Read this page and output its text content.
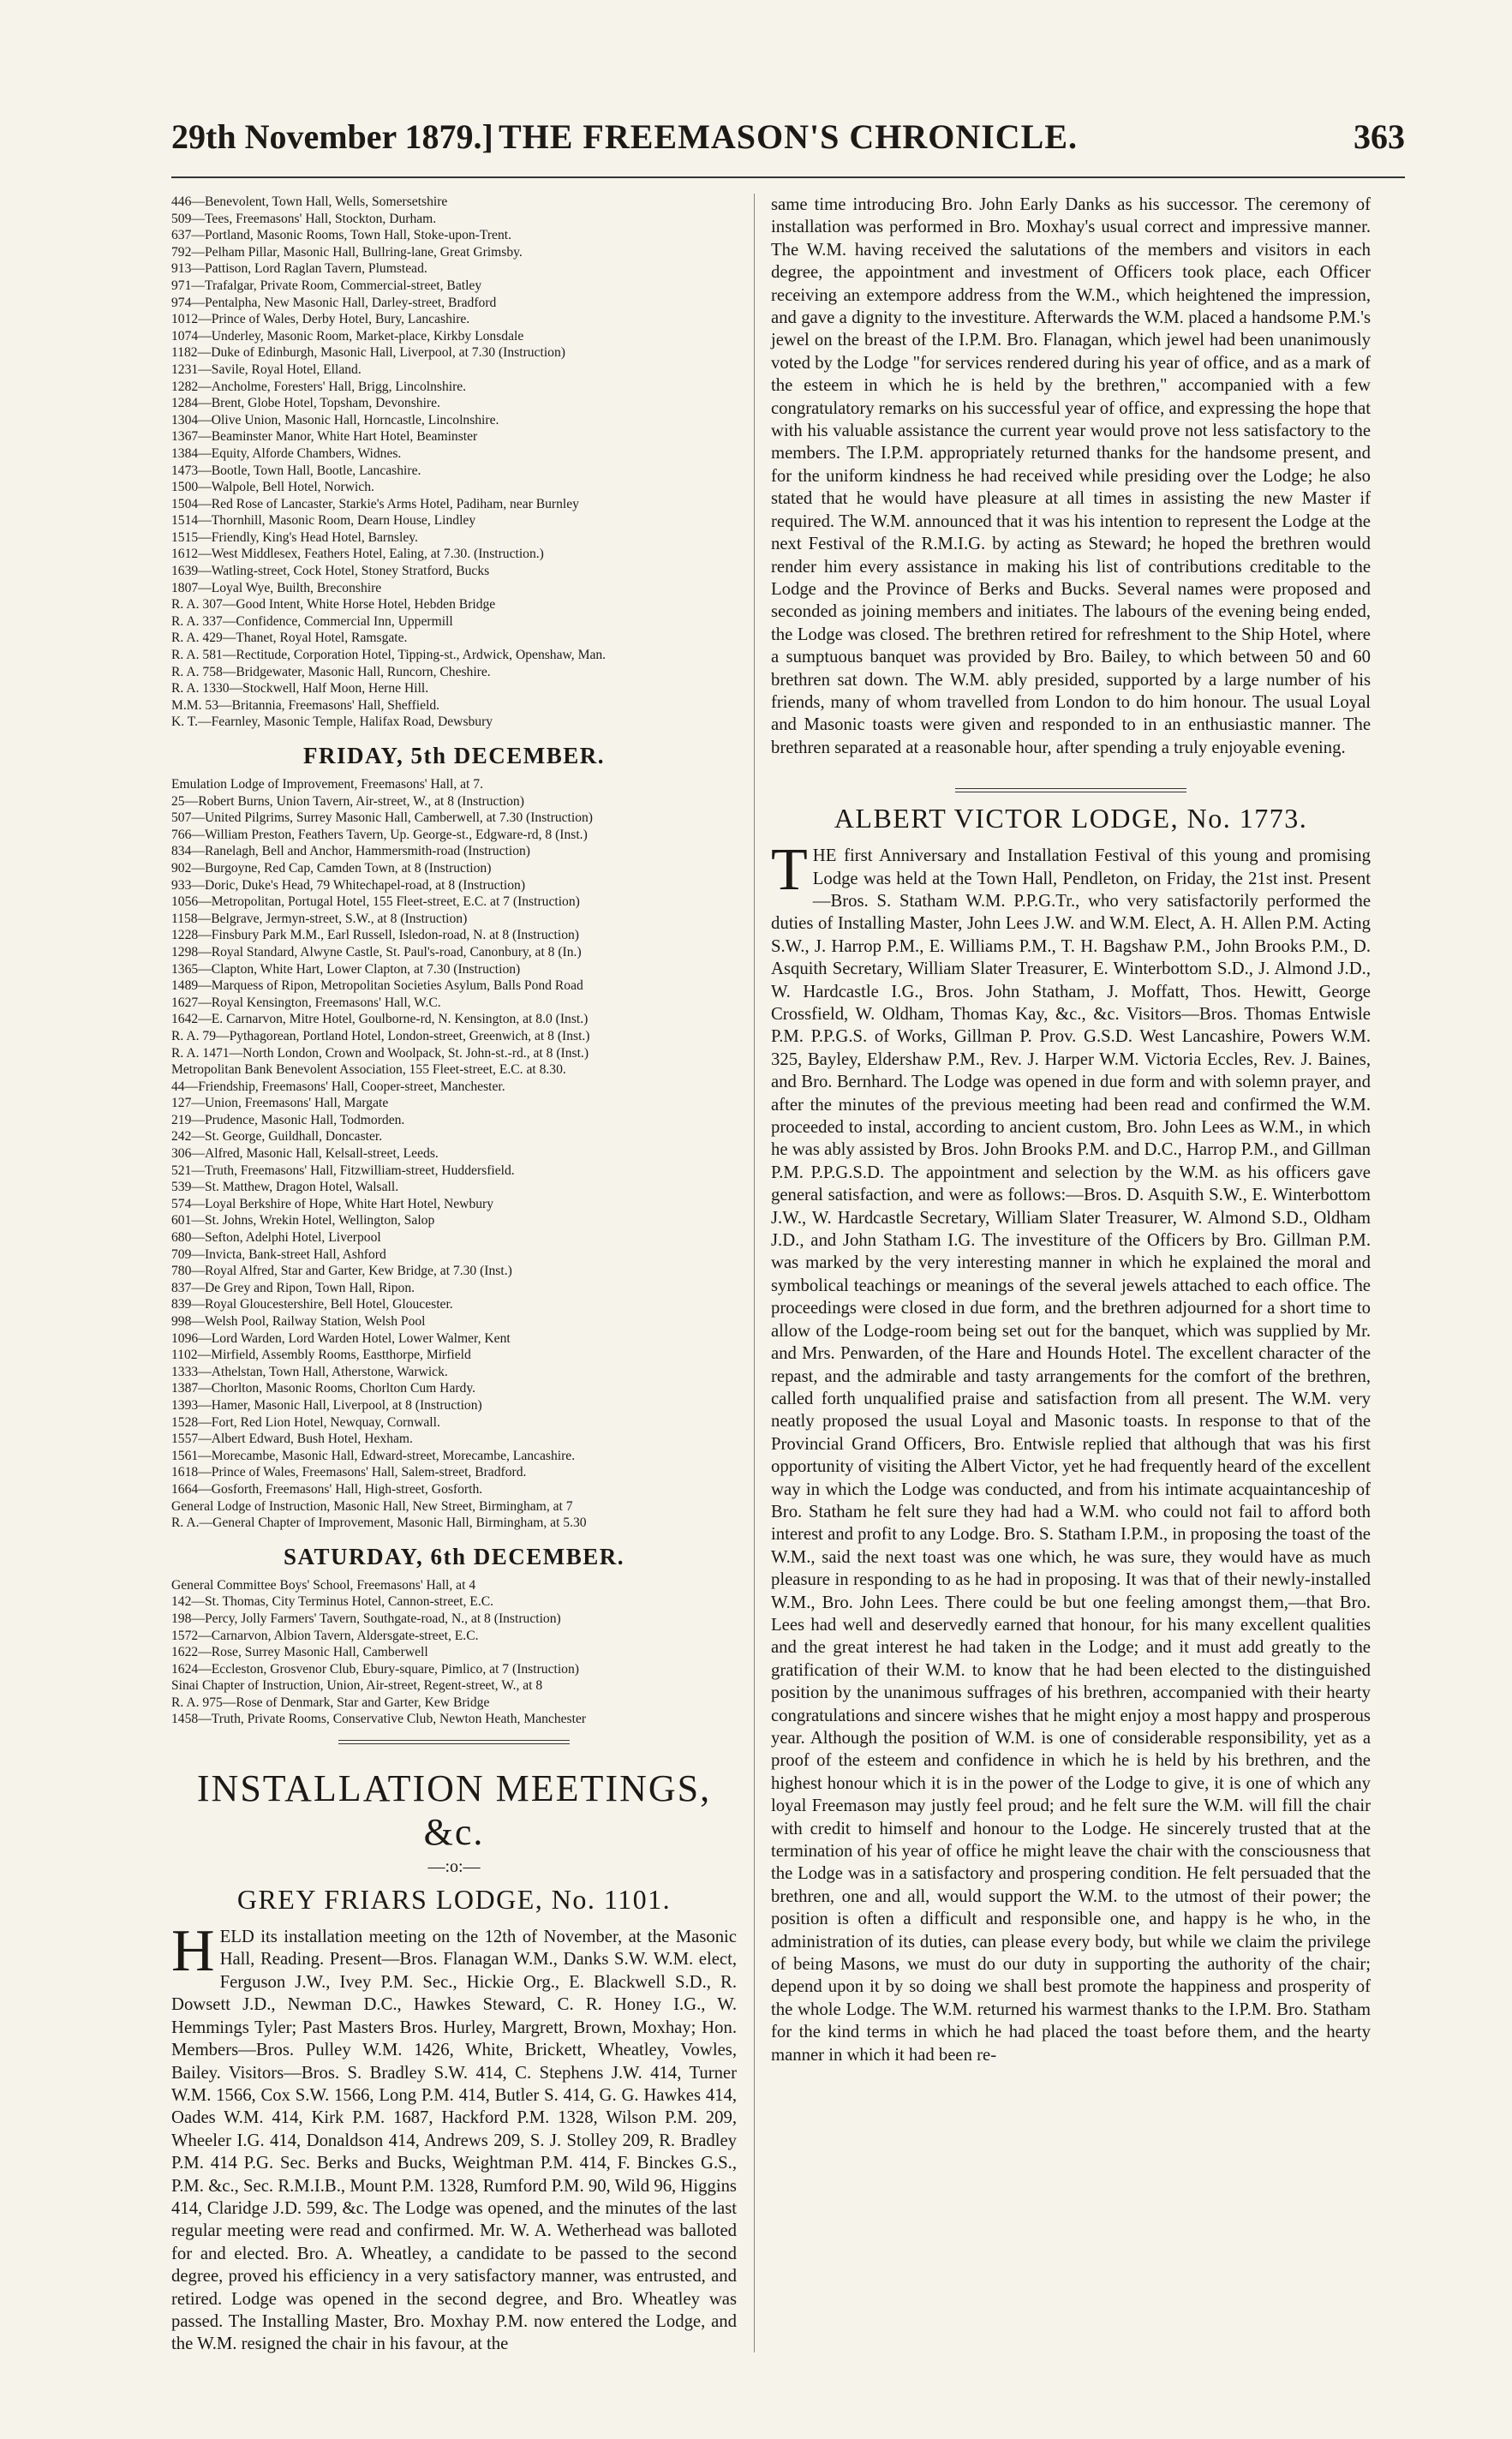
29th November 1879.] THE FREEMASON'S CHRONICLE.	363
446—Benevolent, Town Hall, Wells, Somersetshire
509—Tees, Freemasons' Hall, Stockton, Durham.
637—Portland, Masonic Rooms, Town Hall, Stoke-upon-Trent.
792—Pelham Pillar, Masonic Hall, Bullring-lane, Great Grimsby.
913—Pattison, Lord Raglan Tavern, Plumstead.
971—Trafalgar, Private Room, Commercial-street, Batley
974—Pentalpha, New Masonic Hall, Darley-street, Bradford
1012—Prince of Wales, Derby Hotel, Bury, Lancashire.
1074—Underley, Masonic Room, Market-place, Kirkby Lonsdale
1182—Duke of Edinburgh, Masonic Hall, Liverpool, at 7.30 (Instruction)
1231—Savile, Royal Hotel, Elland.
1282—Ancholme, Foresters' Hall, Brigg, Lincolnshire.
1284—Brent, Globe Hotel, Topsham, Devonshire.
1304—Olive Union, Masonic Hall, Horncastle, Lincolnshire.
1367—Beaminster Manor, White Hart Hotel, Beaminster
1384—Equity, Alforde Chambers, Widnes.
1473—Bootle, Town Hall, Bootle, Lancashire.
1500—Walpole, Bell Hotel, Norwich.
1504—Red Rose of Lancaster, Starkie's Arms Hotel, Padiham, near Burnley
1514—Thornhill, Masonic Room, Dearn House, Lindley
1515—Friendly, King's Head Hotel, Barnsley.
1612—West Middlesex, Feathers Hotel, Ealing, at 7.30. (Instruction.)
1639—Watling-street, Cock Hotel, Stoney Stratford, Bucks
1807—Loyal Wye, Builth, Breconshire
R. A. 307—Good Intent, White Horse Hotel, Hebden Bridge
R. A. 337—Confidence, Commercial Inn, Uppermill
R. A. 429—Thanet, Royal Hotel, Ramsgate.
R. A. 581—Rectitude, Corporation Hotel, Tipping-st., Ardwick, Openshaw, Man.
R. A. 758—Bridgewater, Masonic Hall, Runcorn, Cheshire.
R. A. 1330—Stockwell, Half Moon, Herne Hill.
M.M. 53—Britannia, Freemasons' Hall, Sheffield.
K. T.—Fearnley, Masonic Temple, Halifax Road, Dewsbury
FRIDAY, 5th DECEMBER.
Emulation Lodge of Improvement, Freemasons' Hall, at 7.
25—Robert Burns, Union Tavern, Air-street, W., at 8 (Instruction)
507—United Pilgrims, Surrey Masonic Hall, Camberwell, at 7.30 (Instruction)
766—William Preston, Feathers Tavern, Up. George-st., Edgware-rd, 8 (Inst.)
834—Ranelagh, Bell and Anchor, Hammersmith-road (Instruction)
902—Burgoyne, Red Cap, Camden Town, at 8 (Instruction)
933—Doric, Duke's Head, 79 Whitechapel-road, at 8 (Instruction)
1056—Metropolitan, Portugal Hotel, 155 Fleet-street, E.C. at 7 (Instruction)
1158—Belgrave, Jermyn-street, S.W., at 8 (Instruction)
1228—Finsbury Park M.M., Earl Russell, Isledon-road, N. at 8 (Instruction)
1298—Royal Standard, Alwyne Castle, St. Paul's-road, Canonbury, at 8 (In.)
1365—Clapton, White Hart, Lower Clapton, at 7.30 (Instruction)
1489—Marquess of Ripon, Metropolitan Societies Asylum, Balls Pond Road
1627—Royal Kensington, Freemasons' Hall, W.C.
1642—E. Carnarvon, Mitre Hotel, Goulborne-rd, N. Kensington, at 8.0 (Inst.)
R. A. 79—Pythagorean, Portland Hotel, London-street, Greenwich, at 8 (Inst.)
R. A. 1471—North London, Crown and Woolpack, St. John-st.-rd., at 8 (Inst.)
Metropolitan Bank Benevolent Association, 155 Fleet-street, E.C. at 8.30.
44—Friendship, Freemasons' Hall, Cooper-street, Manchester.
127—Union, Freemasons' Hall, Margate
219—Prudence, Masonic Hall, Todmorden.
242—St. George, Guildhall, Doncaster.
306—Alfred, Masonic Hall, Kelsall-street, Leeds.
521—Truth, Freemasons' Hall, Fitzwilliam-street, Huddersfield.
539—St. Matthew, Dragon Hotel, Walsall.
574—Loyal Berkshire of Hope, White Hart Hotel, Newbury
601—St. Johns, Wrekin Hotel, Wellington, Salop
680—Sefton, Adelphi Hotel, Liverpool
709—Invicta, Bank-street Hall, Ashford
780—Royal Alfred, Star and Garter, Kew Bridge, at 7.30 (Inst.)
837—De Grey and Ripon, Town Hall, Ripon.
839—Royal Gloucestershire, Bell Hotel, Gloucester.
998—Welsh Pool, Railway Station, Welsh Pool
1096—Lord Warden, Lord Warden Hotel, Lower Walmer, Kent
1102—Mirfield, Assembly Rooms, Eastthorpe, Mirfield
1333—Athelstan, Town Hall, Atherstone, Warwick.
1387—Chorlton, Masonic Rooms, Chorlton Cum Hardy.
1393—Hamer, Masonic Hall, Liverpool, at 8 (Instruction)
1528—Fort, Red Lion Hotel, Newquay, Cornwall.
1557—Albert Edward, Bush Hotel, Hexham.
1561—Morecambe, Masonic Hall, Edward-street, Morecambe, Lancashire.
1618—Prince of Wales, Freemasons' Hall, Salem-street, Bradford.
1664—Gosforth, Freemasons' Hall, High-street, Gosforth.
General Lodge of Instruction, Masonic Hall, New Street, Birmingham, at 7
R. A.—General Chapter of Improvement, Masonic Hall, Birmingham, at 5.30
SATURDAY, 6th DECEMBER.
General Committee Boys' School, Freemasons' Hall, at 4
142—St. Thomas, City Terminus Hotel, Cannon-street, E.C.
198—Percy, Jolly Farmers' Tavern, Southgate-road, N., at 8 (Instruction)
1572—Carnarvon, Albion Tavern, Aldersgate-street, E.C.
1622—Rose, Surrey Masonic Hall, Camberwell
1624—Eccleston, Grosvenor Club, Ebury-square, Pimlico, at 7 (Instruction)
Sinai Chapter of Instruction, Union, Air-street, Regent-street, W., at 8
R. A. 975—Rose of Denmark, Star and Garter, Kew Bridge
1458—Truth, Private Rooms, Conservative Club, Newton Heath, Manchester
INSTALLATION MEETINGS, &c.
—:o:—
GREY FRIARS LODGE, No. 1101.

HELD its installation meeting on the 12th of November, at the Masonic Hall, Reading. Present—Bros. Flanagan W.M., Danks S.W. W.M. elect, Ferguson J.W., Ivey P.M. Sec., Hickie Org., E. Blackwell S.D., R. Dowsett J.D., Newman D.C., Hawkes Steward, C. R. Honey I.G., W. Hemmings Tyler; Past Masters Bros. Hurley, Margrett, Brown, Moxhay; Hon. Members—Bros. Pulley W.M. 1426, White, Brickett, Wheatley, Vowles, Bailey. Visitors—Bros. S. Bradley S.W. 414, C. Stephens J.W. 414, Turner W.M. 1566, Cox S.W. 1566, Long P.M. 414, Butler S. 414, G. G. Hawkes 414, Oades W.M. 414, Kirk P.M. 1687, Hackford P.M. 1328, Wilson P.M. 209, Wheeler I.G. 414, Donaldson 414, Andrews 209, S. J. Stolley 209, R. Bradley P.M. 414 P.G. Sec. Berks and Bucks, Weightman P.M. 414, F. Binckes G.S., P.M. &c., Sec. R.M.I.B., Mount P.M. 1328, Rumford P.M. 90, Wild 96, Higgins 414, Claridge J.D. 599, &c. The Lodge was opened, and the minutes of the last regular meeting were read and confirmed. Mr. W. A. Wetherhead was balloted for and elected. Bro. A. Wheatley, a candidate to be passed to the second degree, proved his efficiency in a very satisfactory manner, was entrusted, and retired. Lodge was opened in the second degree, and Bro. Wheatley was passed. The Installing Master, Bro. Moxhay P.M. now entered the Lodge, and the W.M. resigned the chair in his favour, at the

same time introducing Bro. John Early Danks as his successor. The ceremony of installation was performed in Bro. Moxhay's usual correct and impressive manner. The W.M. having received the salutations of the members and visitors in each degree, the appointment and investment of Officers took place, each Officer receiving an extempore address from the W.M., which heightened the impression, and gave a dignity to the investiture. Afterwards the W.M. placed a handsome P.M.'s jewel on the breast of the I.P.M. Bro. Flanagan, which jewel had been unanimously voted by the Lodge "for services rendered during his year of office, and as a mark of the esteem in which he is held by the brethren," accompanied with a few congratulatory remarks on his successful year of office, and expressing the hope that with his valuable assistance the current year would prove not less satisfactory to the members. The I.P.M. appropriately returned thanks for the handsome present, and for the uniform kindness he had received while presiding over the Lodge; he also stated that he would have pleasure at all times in assisting the new Master if required. The W.M. announced that it was his intention to represent the Lodge at the next Festival of the R.M.I.G. by acting as Steward; he hoped the brethren would render him every assistance in making his list of contributions creditable to the Lodge and the Province of Berks and Bucks. Several names were proposed and seconded as joining members and initiates. The labours of the evening being ended, the Lodge was closed. The brethren retired for refreshment to the Ship Hotel, where a sumptuous banquet was provided by Bro. Bailey, to which between 50 and 60 brethren sat down. The W.M. ably presided, supported by a large number of his friends, many of whom travelled from London to do him honour. The usual Loyal and Masonic toasts were given and responded to in an enthusiastic manner. The brethren separated at a reasonable hour, after spending a truly enjoyable evening.

ALBERT VICTOR LODGE, No. 1773.

THE first Anniversary and Installation Festival of this young and promising Lodge was held at the Town Hall, Pendleton, on Friday, the 21st inst. Present—Bros. S. Statham W.M. P.P.G.Tr., who very satisfactorily performed the duties of Installing Master, John Lees J.W. and W.M. Elect, A. H. Allen P.M. Acting S.W., J. Harrop P.M., E. Williams P.M., T. H. Bagshaw P.M., John Brooks P.M., D. Asquith Secretary, William Slater Treasurer, E. Winterbottom S.D., J. Almond J.D., W. Hardcastle I.G., Bros. John Statham, J. Moffatt, Thos. Hewitt, George Crossfield, W. Oldham, Thomas Kay, &c., &c. Visitors—Bros. Thomas Entwisle P.M. P.P.G.S. of Works, Gillman P. Prov. G.S.D. West Lancashire, Powers W.M. 325, Bayley, Eldershaw P.M., Rev. J. Harper W.M. Victoria Eccles, Rev. J. Baines, and Bro. Bernhard. The Lodge was opened in due form and with solemn prayer, and after the minutes of the previous meeting had been read and confirmed the W.M. proceeded to instal, according to ancient custom, Bro. John Lees as W.M., in which he was ably assisted by Bros. John Brooks P.M. and D.C., Harrop P.M., and Gillman P.M. P.P.G.S.D. The appointment and selection by the W.M. as his officers gave general satisfaction, and were as follows:—Bros. D. Asquith S.W., E. Winterbottom J.W., W. Hardcastle Secretary, William Slater Treasurer, W. Almond S.D., Oldham J.D., and John Statham I.G. The investiture of the Officers by Bro. Gillman P.M. was marked by the very interesting manner in which he explained the moral and symbolical teachings or meanings of the several jewels attached to each office. The proceedings were closed in due form, and the brethren adjourned for a short time to allow of the Lodge-room being set out for the banquet, which was supplied by Mr. and Mrs. Penwarden, of the Hare and Hounds Hotel. The excellent character of the repast, and the admirable and tasty arrangements for the comfort of the brethren, called forth unqualified praise and satisfaction from all present. The W.M. very neatly proposed the usual Loyal and Masonic toasts. In response to that of the Provincial Grand Officers, Bro. Entwisle replied that although that was his first opportunity of visiting the Albert Victor, yet he had frequently heard of the excellent way in which the Lodge was conducted, and from his intimate acquaintanceship of Bro. Statham he felt sure they had had a W.M. who could not fail to afford both interest and profit to any Lodge. Bro. S. Statham I.P.M., in proposing the toast of the W.M., said the next toast was one which, he was sure, they would have as much pleasure in responding to as he had in proposing. It was that of their newly-installed W.M., Bro. John Lees. There could be but one feeling amongst them,—that Bro. Lees had well and deservedly earned that honour, for his many excellent qualities and the great interest he had taken in the Lodge; and it must add greatly to the gratification of their W.M. to know that he had been elected to the distinguished position by the unanimous suffrages of his brethren, accompanied with their hearty congratulations and sincere wishes that he might enjoy a most happy and prosperous year. Although the position of W.M. is one of considerable responsibility, yet as a proof of the esteem and confidence in which he is held by his brethren, and the highest honour which it is in the power of the Lodge to give, it is one of which any loyal Freemason may justly feel proud; and he felt sure the W.M. will fill the chair with credit to himself and honour to the Lodge. He sincerely trusted that at the termination of his year of office he might leave the chair with the consciousness that the Lodge was in a satisfactory and prospering condition. He felt persuaded that the brethren, one and all, would support the W.M. to the utmost of their power; the position is often a difficult and responsible one, and happy is he who, in the administration of its duties, can please every body, but while we claim the privilege of being Masons, we must do our duty in supporting the authority of the chair; depend upon it by so doing we shall best promote the happiness and prosperity of the whole Lodge. The W.M. returned his warmest thanks to the I.P.M. Bro. Statham for the kind terms in which he had placed the toast before them, and the hearty manner in which it had been re-
